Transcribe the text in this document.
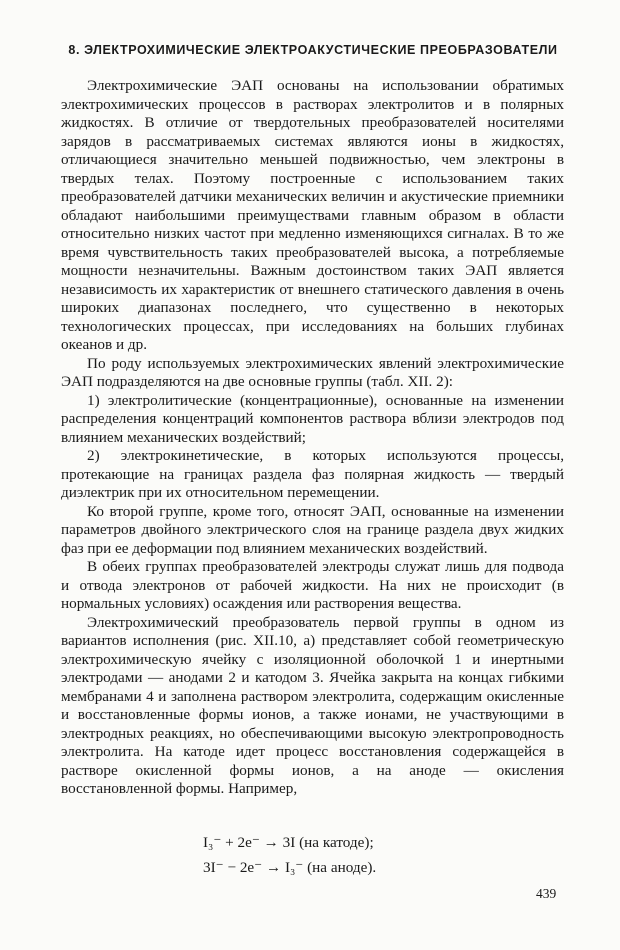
8. ЭЛЕКТРОХИМИЧЕСКИЕ ЭЛЕКТРОАКУСТИЧЕСКИЕ ПРЕОБРАЗОВАТЕЛИ

Электрохимические ЭАП основаны на использовании обратимых электрохимических процессов в растворах электролитов и в полярных жидкостях. В отличие от твердотельных преобразователей носителями зарядов в рассматриваемых системах являются ионы в жидкостях, отличающиеся значительно меньшей подвижностью, чем электроны в твердых телах. Поэтому построенные с использованием таких преобразователей датчики механических величин и акустические приемники обладают наибольшими преимуществами главным образом в области относительно низких частот при медленно изменяющихся сигналах. В то же время чувствительность таких преобразователей высока, а потребляемые мощности незначительны. Важным достоинством таких ЭАП является независимость их характеристик от внешнего статического давления в очень широких диапазонах последнего, что существенно в некоторых технологических процессах, при исследованиях на больших глубинах океанов и др.

По роду используемых электрохимических явлений электрохимические ЭАП подразделяются на две основные группы (табл. XII. 2):

1) электролитические (концентрационные), основанные на изменении распределения концентраций компонентов раствора вблизи электродов под влиянием механических воздействий;

2) электрокинетические, в которых используются процессы, протекающие на границах раздела фаз полярная жидкость — твердый диэлектрик при их относительном перемещении.

Ко второй группе, кроме того, относят ЭАП, основанные на изменении параметров двойного электрического слоя на границе раздела двух жидких фаз при ее деформации под влиянием механических воздействий.

В обеих группах преобразователей электроды служат лишь для подвода и отвода электронов от рабочей жидкости. На них не происходит (в нормальных условиях) осаждения или растворения вещества.

Электрохимический преобразователь первой группы в одном из вариантов исполнения (рис. XII.10, а) представляет собой геометрическую электрохимическую ячейку с изоляционной оболочкой 1 и инертными электродами — анодами 2 и катодом 3. Ячейка закрыта на концах гибкими мембранами 4 и заполнена раствором электролита, содержащим окисленные и восстановленные формы ионов, а также ионами, не участвующими в электродных реакциях, но обеспечивающими высокую электропроводность электролита. На катоде идет процесс восстановления содержащейся в растворе окисленной формы ионов, а на аноде — окисления восстановленной формы. Например,

I₃⁻ + 2e⁻ → 3I (на катоде);

3I⁻ − 2e⁻ → I₃⁻ (на аноде).

439
